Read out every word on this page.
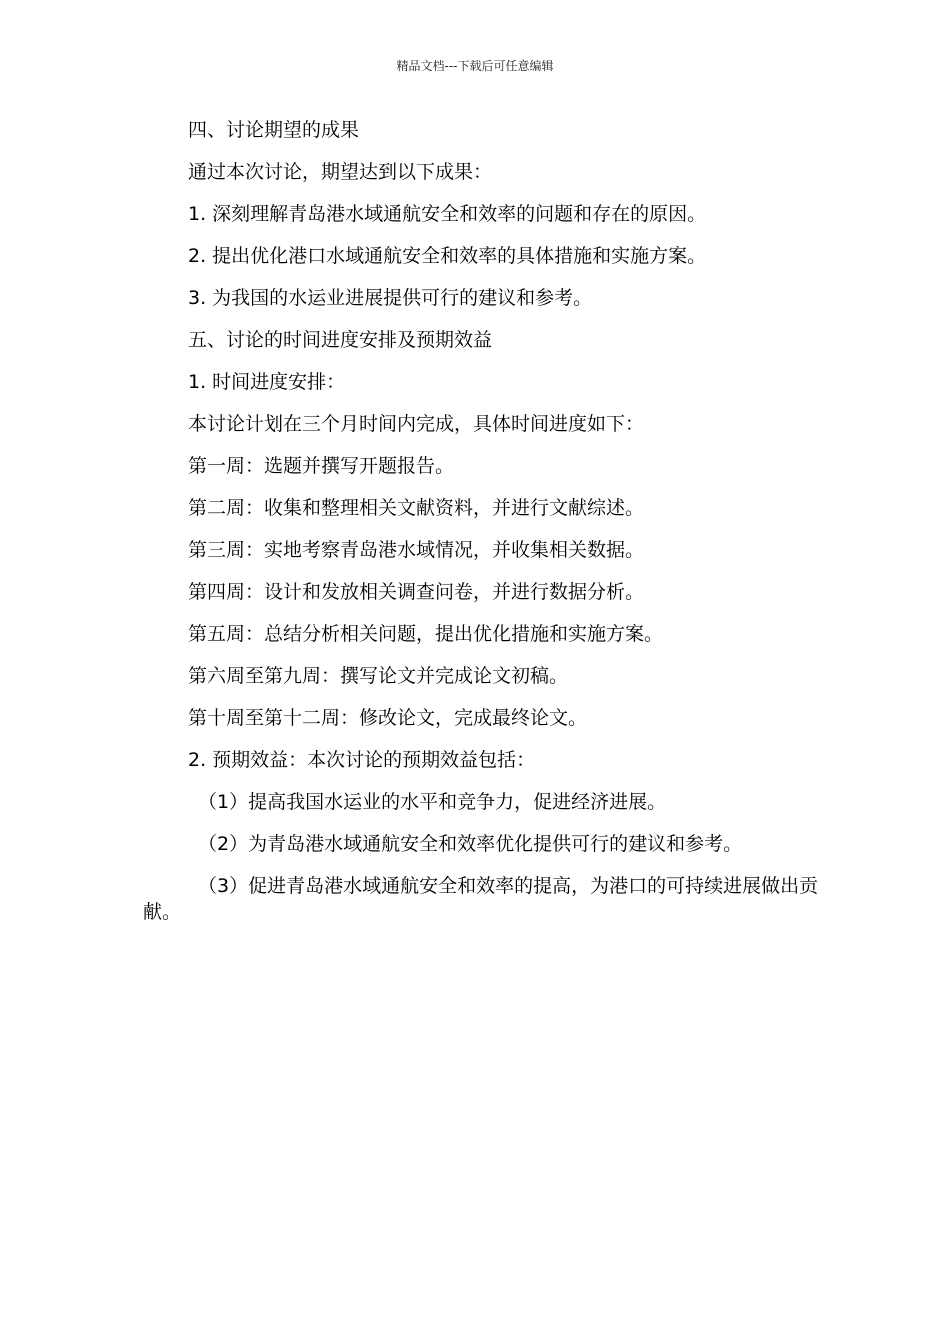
精品文档---下载后可任意编辑
四、讨论期望的成果
通过本次讨论，期望达到以下成果：
1. 深刻理解青岛港水域通航安全和效率的问题和存在的原因。
2. 提出优化港口水域通航安全和效率的具体措施和实施方案。
3. 为我国的水运业进展提供可行的建议和参考。
五、讨论的时间进度安排及预期效益
1. 时间进度安排：
本讨论计划在三个月时间内完成，具体时间进度如下：
第一周：选题并撰写开题报告。
第二周：收集和整理相关文献资料，并进行文献综述。
第三周：实地考察青岛港水域情况，并收集相关数据。
第四周：设计和发放相关调查问卷，并进行数据分析。
第五周：总结分析相关问题，提出优化措施和实施方案。
第六周至第九周：撰写论文并完成论文初稿。
第十周至第十二周：修改论文，完成最终论文。
2. 预期效益：本次讨论的预期效益包括：
（1）提高我国水运业的水平和竞争力，促进经济进展。
（2）为青岛港水域通航安全和效率优化提供可行的建议和参考。
（3）促进青岛港水域通航安全和效率的提高，为港口的可持续进展做出贡献。
